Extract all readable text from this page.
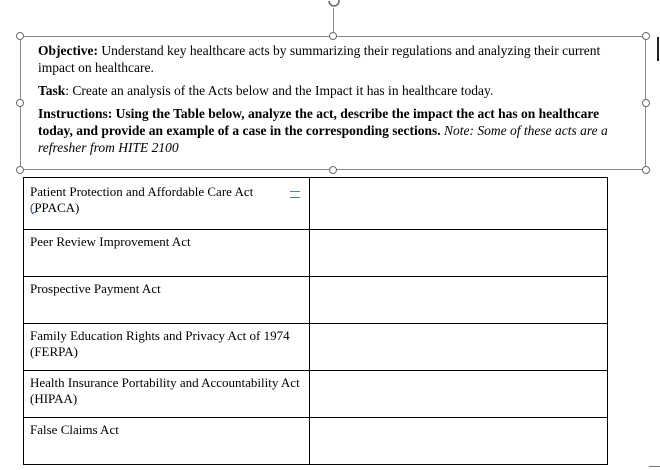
Patient Protection and Affordable Care Act (PPACA)	
Peer Review Improvement Act	
Prospective Payment Act	
Family Education Rights and Privacy Act of 1974 (FERPA)	
Health Insurance Portability and Accountability Act (HIPAA)	
False Claims Act	

Objective: Understand key healthcare acts by summarizing their regulations and analyzing their current impact on healthcare.

Task: Create an analysis of the Acts below and the Impact it has in healthcare today.

Instructions: Using the Table below, analyze the act, describe the impact the act has on healthcare today, and provide an example of a case in the corresponding sections. Note: Some of these acts are a refresher from HITE 2100
